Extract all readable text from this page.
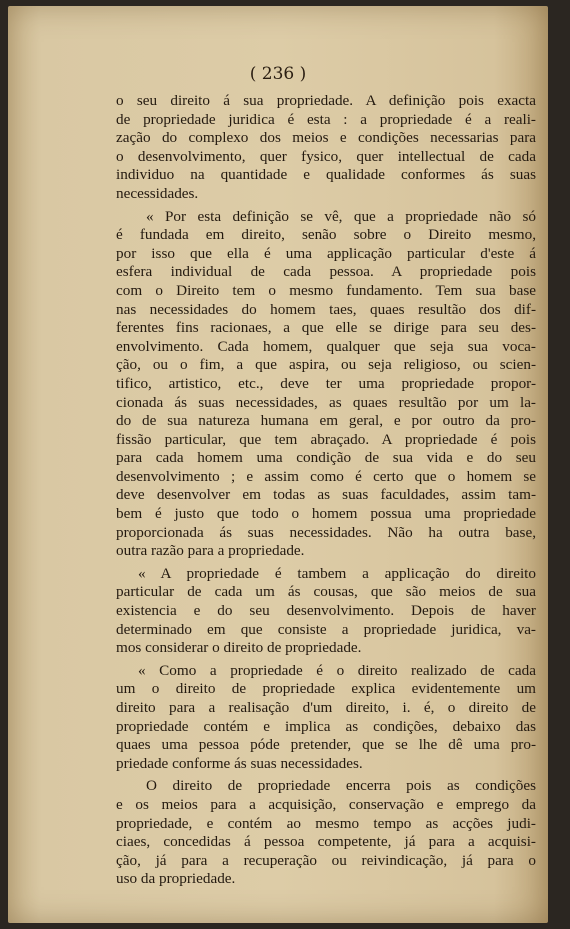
( 236 )

o seu direito á sua propriedade. A definição pois exacta
de propriedade juridica é esta : a propriedade é a reali-
zação do complexo dos meios e condições necessarias para
o desenvolvimento, quer fysico, quer intellectual de cada
individuo na quantidade e qualidade conformes ás suas
necessidades.

« Por esta definição se vê, que a propriedade não só
é fundada em direito, senão sobre o Direito mesmo,
por isso que ella é uma applicação particular d'este á
esfera individual de cada pessoa. A propriedade pois
com o Direito tem o mesmo fundamento. Tem sua base
nas necessidades do homem taes, quaes resultão dos dif-
ferentes fins racionaes, a que elle se dirige para seu des-
envolvimento. Cada homem, qualquer que seja sua voca-
ção, ou o fim, a que aspira, ou seja religioso, ou scien-
tifico, artistico, etc., deve ter uma propriedade propor-
cionada ás suas necessidades, as quaes resultão por um la-
do de sua natureza humana em geral, e por outro da pro-
fissão particular, que tem abraçado. A propriedade é pois
para cada homem uma condição de sua vida e do seu
desenvolvimento ; e assim como é certo que o homem se
deve desenvolver em todas as suas faculdades, assim tam-
bem é justo que todo o homem possua uma propriedade
proporcionada ás suas necessidades. Não ha outra base,
outra razão para a propriedade.

« A propriedade é tambem a applicação do direito
particular de cada um ás cousas, que são meios de sua
existencia e do seu desenvolvimento. Depois de haver
determinado em que consiste a propriedade juridica, va-
mos considerar o direito de propriedade.

« Como a propriedade é o direito realizado de cada
um o direito de propriedade explica evidentemente um
direito para a realisação d'um direito, i. é, o direito de
propriedade contém e implica as condições, debaixo das
quaes uma pessoa póde pretender, que se lhe dê uma pro-
priedade conforme ás suas necessidades.

O direito de propriedade encerra pois as condições
e os meios para a acquisição, conservação e emprego da
propriedade, e contém ao mesmo tempo as acções judi-
ciaes, concedidas á pessoa competente, já para a acquisi-
ção, já para a recuperação ou reivindicação, já para o
uso da propriedade.
